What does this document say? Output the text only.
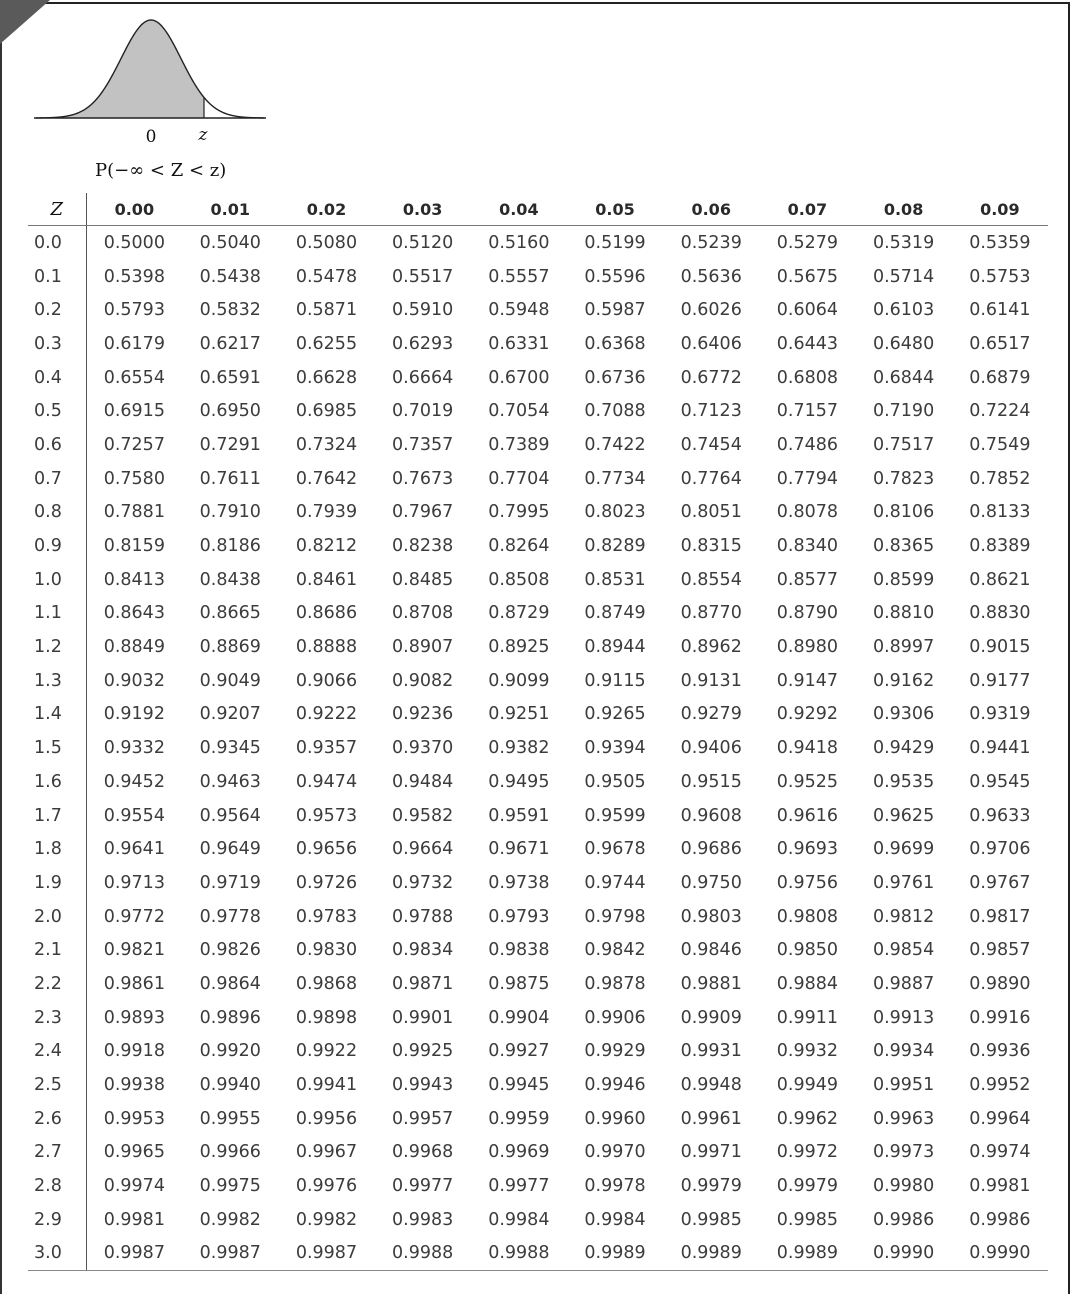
0 z
P(−∞ < Z < z)
Z	0.00	0.01	0.02	0.03	0.04	0.05	0.06	0.07	0.08	0.09
0.0	0.5000	0.5040	0.5080	0.5120	0.5160	0.5199	0.5239	0.5279	0.5319	0.5359
0.1	0.5398	0.5438	0.5478	0.5517	0.5557	0.5596	0.5636	0.5675	0.5714	0.5753
0.2	0.5793	0.5832	0.5871	0.5910	0.5948	0.5987	0.6026	0.6064	0.6103	0.6141
0.3	0.6179	0.6217	0.6255	0.6293	0.6331	0.6368	0.6406	0.6443	0.6480	0.6517
0.4	0.6554	0.6591	0.6628	0.6664	0.6700	0.6736	0.6772	0.6808	0.6844	0.6879
0.5	0.6915	0.6950	0.6985	0.7019	0.7054	0.7088	0.7123	0.7157	0.7190	0.7224
0.6	0.7257	0.7291	0.7324	0.7357	0.7389	0.7422	0.7454	0.7486	0.7517	0.7549
0.7	0.7580	0.7611	0.7642	0.7673	0.7704	0.7734	0.7764	0.7794	0.7823	0.7852
0.8	0.7881	0.7910	0.7939	0.7967	0.7995	0.8023	0.8051	0.8078	0.8106	0.8133
0.9	0.8159	0.8186	0.8212	0.8238	0.8264	0.8289	0.8315	0.8340	0.8365	0.8389
1.0	0.8413	0.8438	0.8461	0.8485	0.8508	0.8531	0.8554	0.8577	0.8599	0.8621
1.1	0.8643	0.8665	0.8686	0.8708	0.8729	0.8749	0.8770	0.8790	0.8810	0.8830
1.2	0.8849	0.8869	0.8888	0.8907	0.8925	0.8944	0.8962	0.8980	0.8997	0.9015
1.3	0.9032	0.9049	0.9066	0.9082	0.9099	0.9115	0.9131	0.9147	0.9162	0.9177
1.4	0.9192	0.9207	0.9222	0.9236	0.9251	0.9265	0.9279	0.9292	0.9306	0.9319
1.5	0.9332	0.9345	0.9357	0.9370	0.9382	0.9394	0.9406	0.9418	0.9429	0.9441
1.6	0.9452	0.9463	0.9474	0.9484	0.9495	0.9505	0.9515	0.9525	0.9535	0.9545
1.7	0.9554	0.9564	0.9573	0.9582	0.9591	0.9599	0.9608	0.9616	0.9625	0.9633
1.8	0.9641	0.9649	0.9656	0.9664	0.9671	0.9678	0.9686	0.9693	0.9699	0.9706
1.9	0.9713	0.9719	0.9726	0.9732	0.9738	0.9744	0.9750	0.9756	0.9761	0.9767
2.0	0.9772	0.9778	0.9783	0.9788	0.9793	0.9798	0.9803	0.9808	0.9812	0.9817
2.1	0.9821	0.9826	0.9830	0.9834	0.9838	0.9842	0.9846	0.9850	0.9854	0.9857
2.2	0.9861	0.9864	0.9868	0.9871	0.9875	0.9878	0.9881	0.9884	0.9887	0.9890
2.3	0.9893	0.9896	0.9898	0.9901	0.9904	0.9906	0.9909	0.9911	0.9913	0.9916
2.4	0.9918	0.9920	0.9922	0.9925	0.9927	0.9929	0.9931	0.9932	0.9934	0.9936
2.5	0.9938	0.9940	0.9941	0.9943	0.9945	0.9946	0.9948	0.9949	0.9951	0.9952
2.6	0.9953	0.9955	0.9956	0.9957	0.9959	0.9960	0.9961	0.9962	0.9963	0.9964
2.7	0.9965	0.9966	0.9967	0.9968	0.9969	0.9970	0.9971	0.9972	0.9973	0.9974
2.8	0.9974	0.9975	0.9976	0.9977	0.9977	0.9978	0.9979	0.9979	0.9980	0.9981
2.9	0.9981	0.9982	0.9982	0.9983	0.9984	0.9984	0.9985	0.9985	0.9986	0.9986
3.0	0.9987	0.9987	0.9987	0.9988	0.9988	0.9989	0.9989	0.9989	0.9990	0.9990
